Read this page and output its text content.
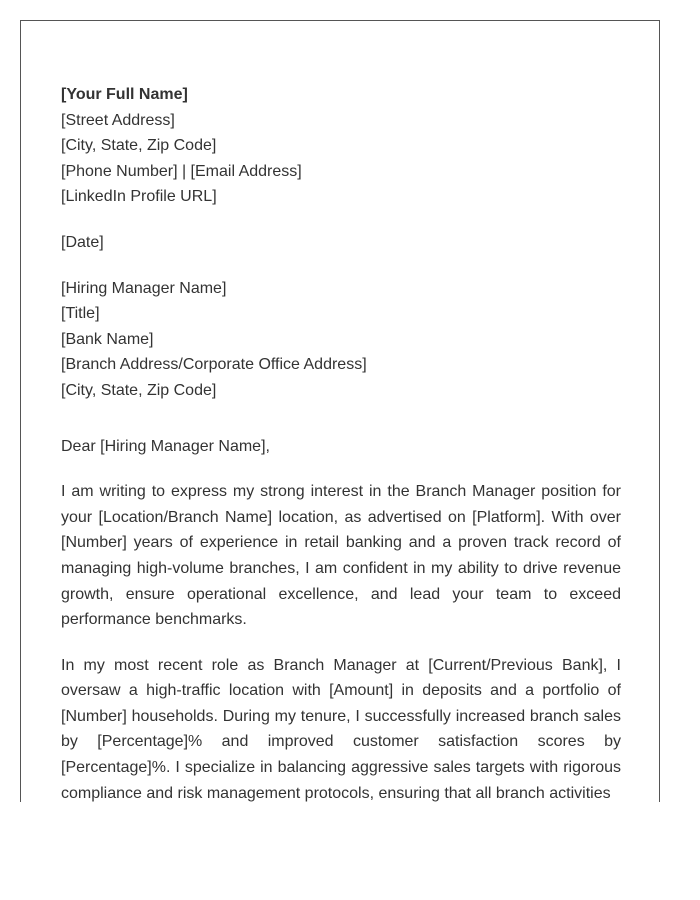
[Your Full Name]
[Street Address]
[City, State, Zip Code]
[Phone Number] | [Email Address]
[LinkedIn Profile URL]
[Date]
[Hiring Manager Name]
[Title]
[Bank Name]
[Branch Address/Corporate Office Address]
[City, State, Zip Code]
Dear [Hiring Manager Name],

I am writing to express my strong interest in the Branch Manager position for your [Location/Branch Name] location, as advertised on [Platform]. With over [Number] years of experience in retail banking and a proven track record of managing high-volume branches, I am confident in my ability to drive revenue growth, ensure operational excellence, and lead your team to exceed performance benchmarks.

In my most recent role as Branch Manager at [Current/Previous Bank], I oversaw a high-traffic location with [Amount] in deposits and a portfolio of [Number] households. During my tenure, I successfully increased branch sales by [Percentage]% and improved customer satisfaction scores by [Percentage]%. I specialize in balancing aggressive sales targets with rigorous compliance and risk management protocols, ensuring that all branch activities
